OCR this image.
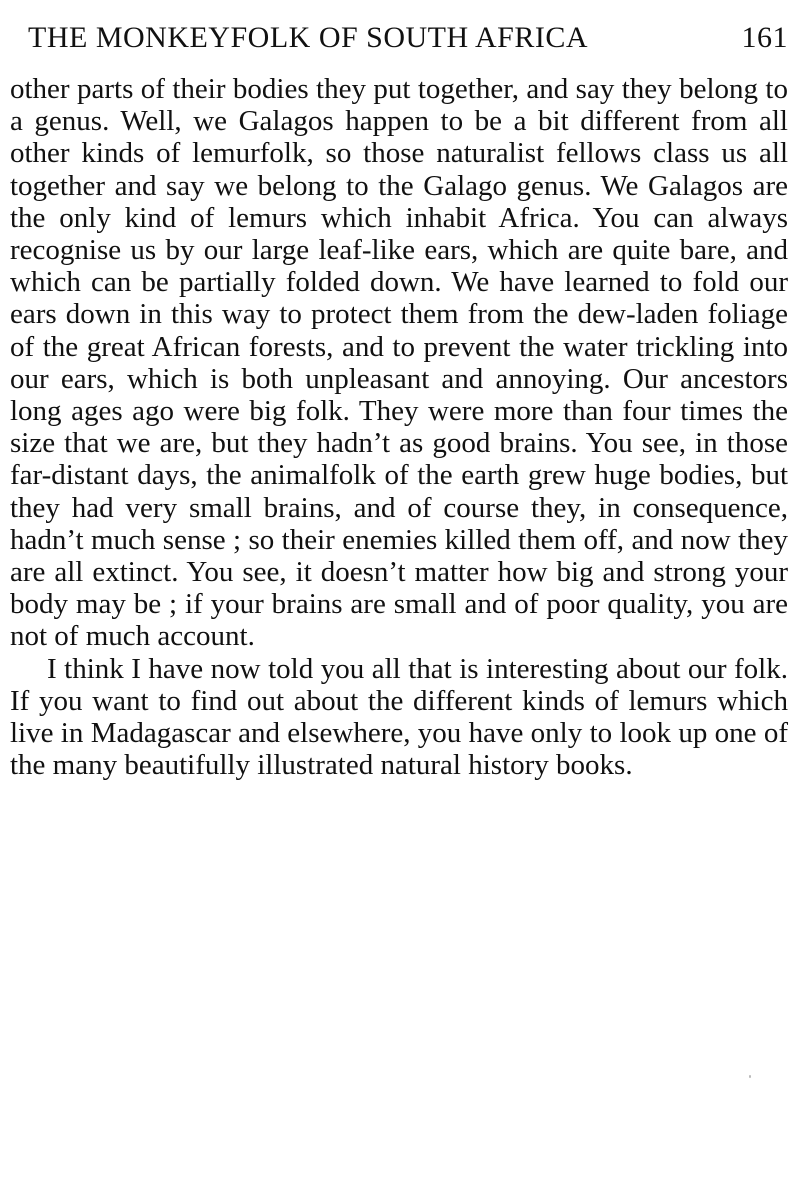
THE MONKEYFOLK OF SOUTH AFRICA	161

other parts of their bodies they put together, and say they belong to a genus. Well, we Galagos happen to be a bit different from all other kinds of lemurfolk, so those naturalist fellows class us all together and say we belong to the Galago genus. We Galagos are the only kind of lemurs which inhabit Africa. You can always recognise us by our large leaf-like ears, which are quite bare, and which can be partially folded down. We have learned to fold our ears down in this way to protect them from the dew-laden foliage of the great African forests, and to prevent the water trickling into our ears, which is both unpleasant and annoying. Our ancestors long ages ago were big folk. They were more than four times the size that we are, but they hadn’t as good brains. You see, in those far-distant days, the animalfolk of the earth grew huge bodies, but they had very small brains, and of course they, in consequence, hadn’t much sense ; so their enemies killed them off, and now they are all extinct. You see, it doesn’t matter how big and strong your body may be ; if your brains are small and of poor quality, you are not of much account.

I think I have now told you all that is interesting about our folk. If you want to find out about the different kinds of lemurs which live in Madagascar and elsewhere, you have only to look up one of the many beautifully illustrated natural history books.
